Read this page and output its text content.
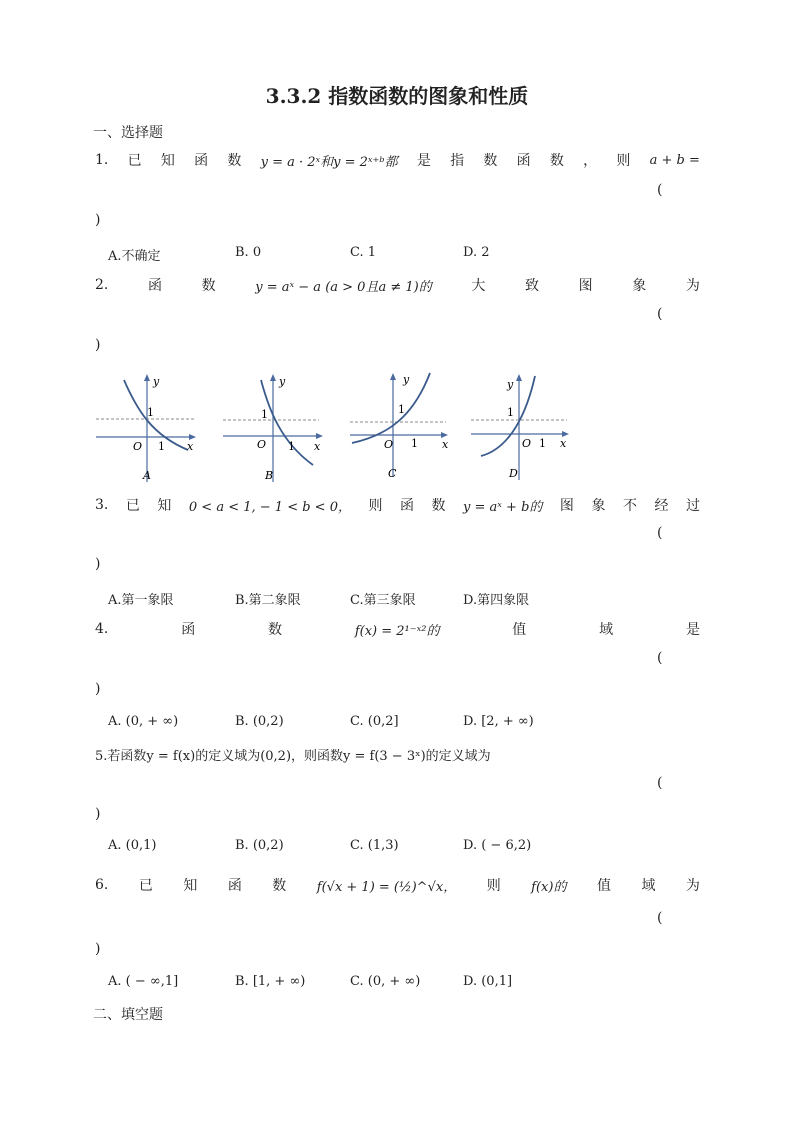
3.3.2 指数函数的图象和性质
一、选择题
1. 已 知 函 数 y = a · 2ˣ和y = 2ˣ⁺ᵇ都 是 指 数 函 数 ， 则 a + b =
(
)
A.不确定	B. 0	C. 1	D. 2
2.	函	数	y = aˣ − a (a > 0且a ≠ 1)的	大	致	图	象	为
(
)
y
x
O
1
1
A
y
x
O
1
1
B
y
x
O
1
1
C
y
x
O
1
1
D
3. 已 知 0 < a < 1, − 1 < b < 0， 则 函 数 y = aˣ + b的 图 象 不 经 过
(
)
A.第一象限	B.第二象限	C.第三象限	D.第四象限
4.	函	数	f(x) = 2¹⁻ˣ²的	值	域	是
(
)
A. (0, + ∞)	B. (0,2)	C. (0,2]	D. [2, + ∞)
5.若函数y = f(x)的定义域为(0,2)，则函数y = f(3 − 3ˣ)的定义域为
(
)
A. (0,1)	B. (0,2)	C. (1,3)	D. ( − 6,2)
6. 已 知 函 数 f(√x + 1) = (½)^√x， 则 f(x)的 值 域 为
(
)
A. ( − ∞,1]	B. [1, + ∞)	C. (0, + ∞)	D. (0,1]
二、填空题
